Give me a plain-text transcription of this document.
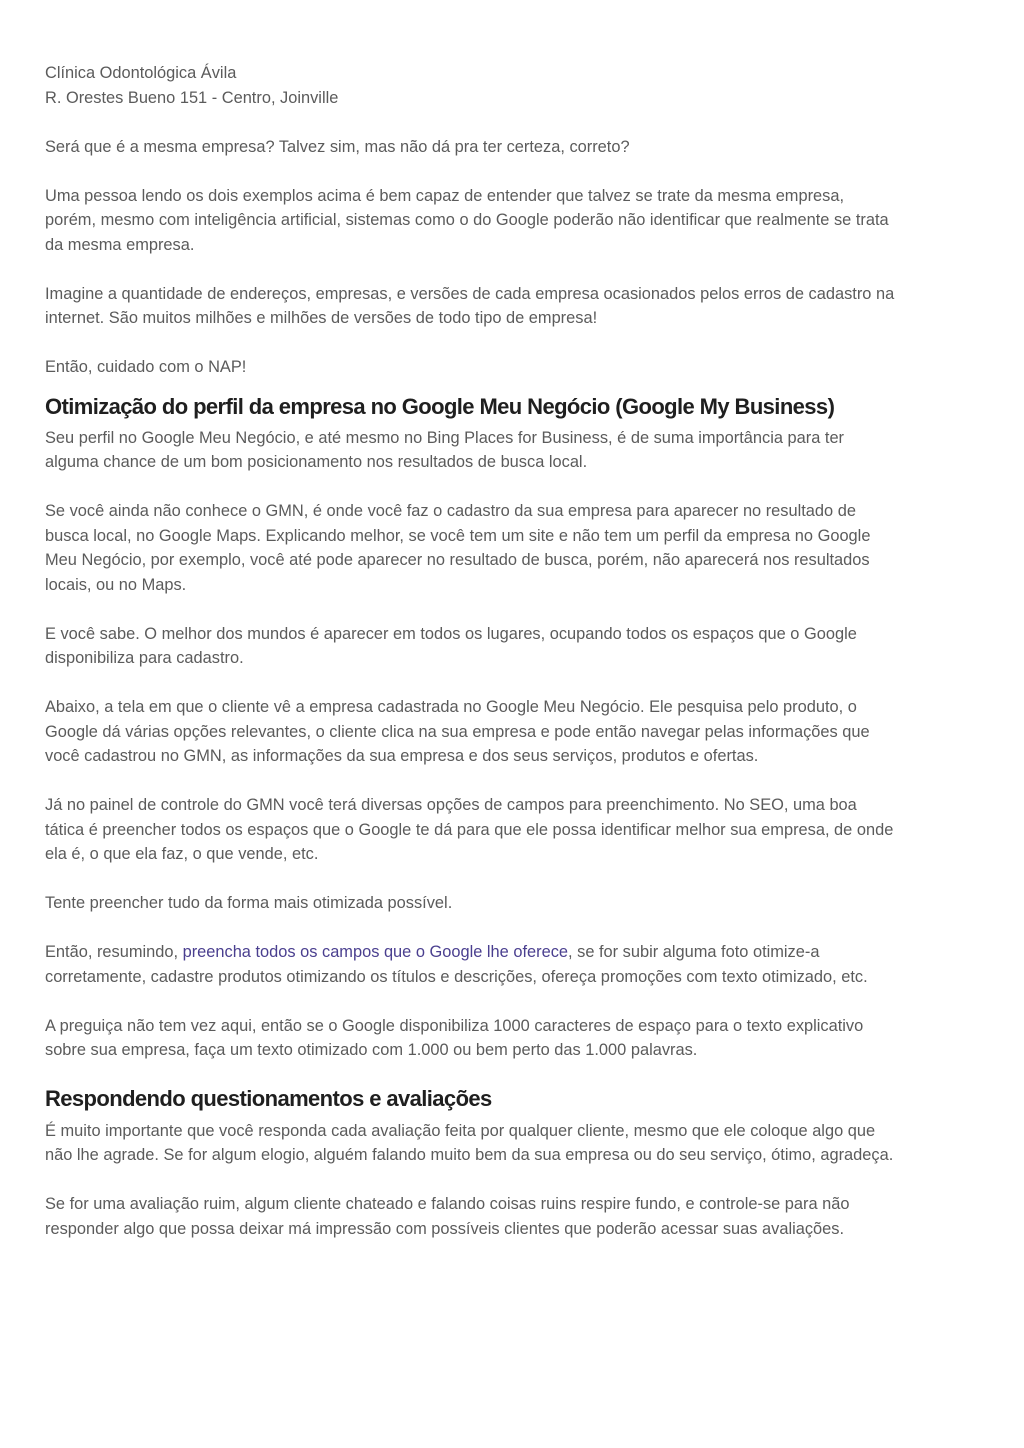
Clínica Odontológica Ávila

R. Orestes Bueno 151 - Centro, Joinville

Será que é a mesma empresa? Talvez sim, mas não dá pra ter certeza, correto?

Uma pessoa lendo os dois exemplos acima é bem capaz de entender que talvez se trate da mesma empresa, porém, mesmo com inteligência artificial, sistemas como o do Google poderão não identificar que realmente se trata da mesma empresa.

Imagine a quantidade de endereços, empresas, e versões de cada empresa ocasionados pelos erros de cadastro na internet. São muitos milhões e milhões de versões de todo tipo de empresa!

Então, cuidado com o NAP!

Otimização do perfil da empresa no Google Meu Negócio (Google My Business)

Seu perfil no Google Meu Negócio, e até mesmo no Bing Places for Business, é de suma importância para ter alguma chance de um bom posicionamento nos resultados de busca local.

Se você ainda não conhece o GMN, é onde você faz o cadastro da sua empresa para aparecer no resultado de busca local, no Google Maps. Explicando melhor, se você tem um site e não tem um perfil da empresa no Google Meu Negócio, por exemplo, você até pode aparecer no resultado de busca, porém, não aparecerá nos resultados locais, ou no Maps.

E você sabe. O melhor dos mundos é aparecer em todos os lugares, ocupando todos os espaços que o Google disponibiliza para cadastro.

Abaixo, a tela em que o cliente vê a empresa cadastrada no Google Meu Negócio. Ele pesquisa pelo produto, o Google dá várias opções relevantes, o cliente clica na sua empresa e pode então navegar pelas informações que você cadastrou no GMN, as informações da sua empresa e dos seus serviços, produtos e ofertas.

Já no painel de controle do GMN você terá diversas opções de campos para preenchimento. No SEO, uma boa tática é preencher todos os espaços que o Google te dá para que ele possa identificar melhor sua empresa, de onde ela é, o que ela faz, o que vende, etc.

Tente preencher tudo da forma mais otimizada possível.

Então, resumindo, preencha todos os campos que o Google lhe oferece, se for subir alguma foto otimize-a corretamente, cadastre produtos otimizando os títulos e descrições, ofereça promoções com texto otimizado, etc.

A preguiça não tem vez aqui, então se o Google disponibiliza 1000 caracteres de espaço para o texto explicativo sobre sua empresa, faça um texto otimizado com 1.000 ou bem perto das 1.000 palavras.

Respondendo questionamentos e avaliações

É muito importante que você responda cada avaliação feita por qualquer cliente, mesmo que ele coloque algo que não lhe agrade. Se for algum elogio, alguém falando muito bem da sua empresa ou do seu serviço, ótimo, agradeça.

Se for uma avaliação ruim, algum cliente chateado e falando coisas ruins respire fundo, e controle-se para não responder algo que possa deixar má impressão com possíveis clientes que poderão acessar suas avaliações.
